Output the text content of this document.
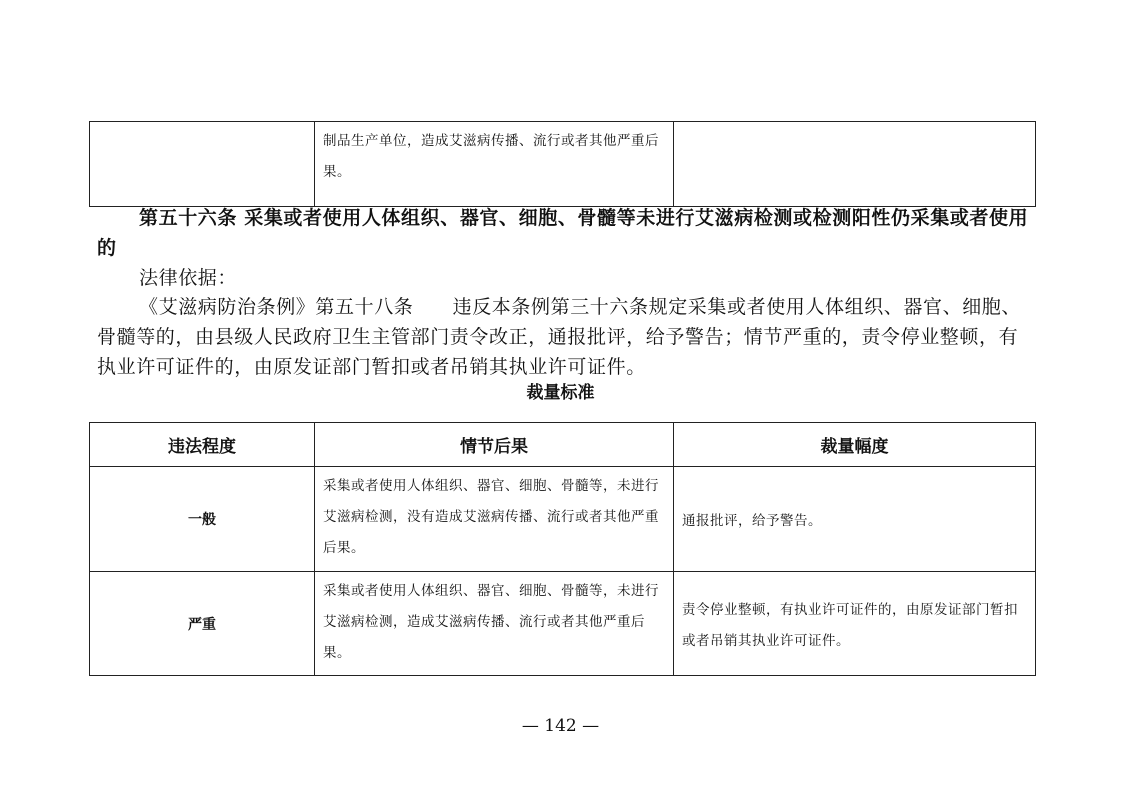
	制品生产单位，造成艾滋病传播、流行或者其他严重后果。	

第五十六条 采集或者使用人体组织、器官、细胞、骨髓等未进行艾滋病检测或检测阳性仍采集或者使用的

法律依据：

《艾滋病防治条例》第五十八条　　违反本条例第三十六条规定采集或者使用人体组织、器官、细胞、骨髓等的，由县级人民政府卫生主管部门责令改正，通报批评，给予警告；情节严重的，责令停业整顿，有执业许可证件的，由原发证部门暂扣或者吊销其执业许可证件。

裁量标准
违法程度	情节后果	裁量幅度
一般	采集或者使用人体组织、器官、细胞、骨髓等，未进行艾滋病检测，没有造成艾滋病传播、流行或者其他严重后果。	通报批评，给予警告。
严重	采集或者使用人体组织、器官、细胞、骨髓等，未进行艾滋病检测，造成艾滋病传播、流行或者其他严重后果。	责令停业整顿，有执业许可证件的，由原发证部门暂扣或者吊销其执业许可证件。
— 142 —
